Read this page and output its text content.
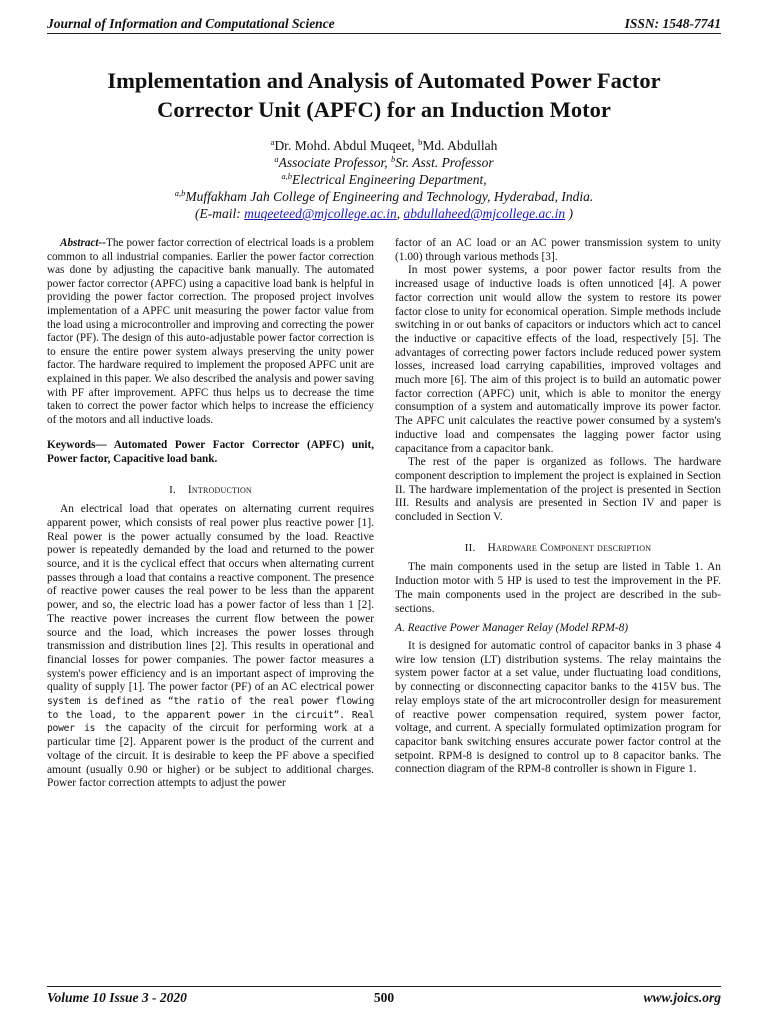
Journal of Information and Computational Science	ISSN: 1548-7741
Implementation and Analysis of Automated Power Factor
Corrector Unit (APFC) for an Induction Motor
$^a$Dr. Mohd. Abdul Muqeet, $^b$Md. Abdullah
$^a$Associate Professor, $^b$Sr. Asst. Professor
$^{a,b}$Electrical Engineering Department,
$^{a,b}$Muffakham Jah College of Engineering and Technology, Hyderabad, India.
(E-mail: muqeeteed@mjcollege.ac.in, abdullaheed@mjcollege.ac.in )

Abstract--The power factor correction of electrical loads is a problem common to all industrial companies. Earlier the power factor correction was done by adjusting the capacitive bank manually. The automated power factor corrector (APFC) using a capacitive load bank is helpful in providing the power factor correction. The proposed project involves implementation of a APFC unit measuring the power factor value from the load using a microcontroller and improving and correcting the power factor (PF). The design of this auto-adjustable power factor correction is to ensure the entire power system always preserving the unity power factor. The hardware required to implement the proposed APFC unit are explained in this paper. We also described the analysis and power saving with PF after improvement. APFC thus helps us to decrease the time taken to correct the power factor which helps to increase the efficiency of the motors and all inductive loads.

Keywords— Automated Power Factor Corrector (APFC) unit, Power factor, Capacitive load bank.

I. Introduction

An electrical load that operates on alternating current requires apparent power, which consists of real power plus reactive power [1]. Real power is the power actually consumed by the load. Reactive power is repeatedly demanded by the load and returned to the power source, and it is the cyclical effect that occurs when alternating current passes through a load that contains a reactive component. The presence of reactive power causes the real power to be less than the apparent power, and so, the electric load has a power factor of less than 1 [2]. The reactive power increases the current flow between the power source and the load, which increases the power losses through transmission and distribution lines [2]. This results in operational and financial losses for power companies. The power factor measures a system's power efficiency and is an important aspect of improving the quality of supply [1]. The power factor (PF) of an AC electrical power system is defined as “the ratio of the real power flowing to the load, to the apparent power in the circuit”. Real power is the capacity of the circuit for performing work at a particular time [2]. Apparent power is the product of the current and voltage of the circuit. It is desirable to keep the PF above a specified amount (usually 0.90 or higher) or be subject to additional charges. Power factor correction attempts to adjust the power

factor of an AC load or an AC power transmission system to unity (1.00) through various methods [3].

In most power systems, a poor power factor results from the increased usage of inductive loads is often unnoticed [4]. A power factor correction unit would allow the system to restore its power factor close to unity for economical operation. Simple methods include switching in or out banks of capacitors or inductors which act to cancel the inductive or capacitive effects of the load, respectively [5]. The advantages of correcting power factors include reduced power system losses, increased load carrying capabilities, improved voltages and much more [6]. The aim of this project is to build an automatic power factor correction (APFC) unit, which is able to monitor the energy consumption of a system and automatically improve its power factor. The APFC unit calculates the reactive power consumed by a system's inductive load and compensates the lagging power factor using capacitance from a capacitor bank.

The rest of the paper is organized as follows. The hardware component description to implement the project is explained in Section II. The hardware implementation of the project is presented in Section III. Results and analysis are presented in Section IV and paper is concluded in Section V.

II. Hardware Component description

The main components used in the setup are listed in Table 1. An Induction motor with 5 HP is used to test the improvement in the PF. The main components used in the project are described in the sub-sections.

A. Reactive Power Manager Relay (Model RPM-8)

It is designed for automatic control of capacitor banks in 3 phase 4 wire low tension (LT) distribution systems. The relay maintains the system power factor at a set value, under fluctuating load conditions, by connecting or disconnecting capacitor banks to the 415V bus. The relay employs state of the art microcontroller design for measurement of reactive power compensation required, system power factor, voltage, and current. A specially formulated optimization program for capacitor bank switching ensures accurate power factor control at the setpoint. RPM-8 is designed to control up to 8 capacitor banks. The connection diagram of the RPM-8 controller is shown in Figure 1.

Volume 10 Issue 3 - 2020	500	www.joics.org
